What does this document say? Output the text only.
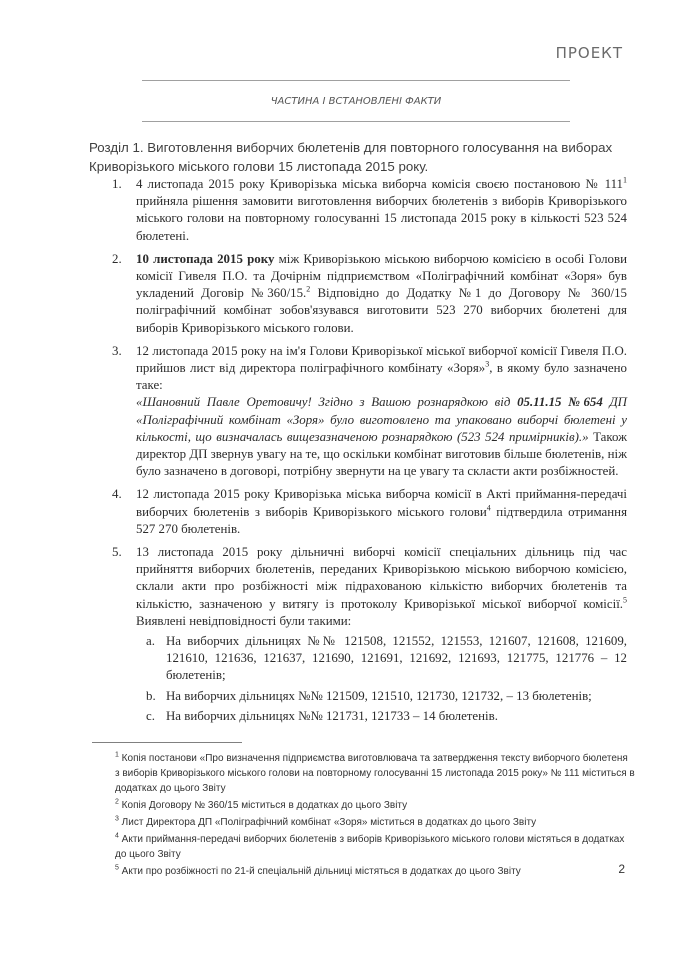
ПРОЕКТ
ЧАСТИНА І ВСТАНОВЛЕНІ ФАКТИ
Розділ 1. Виготовлення виборчих бюлетенів для повторного голосування на виборах Криворізького міського голови 15 листопада 2015 року.
1. 4 листопада 2015 року Криворізька міська виборча комісія своєю постановою № $111^1$ прийняла рішення замовити виготовлення виборчих бюлетенів з виборів Криворізького міського голови на повторному голосуванні 15 листопада 2015 року в кількості 523 524 бюлетені.
2. 10 листопада 2015 року між Криворізькою міською виборчою комісією в особі Голови комісії Гивеля П.О. та Дочірнім підприємством «Поліграфічний комбінат «Зоря» був укладений Договір №360/15.$^2$ Відповідно до Додатку №1 до Договору № 360/15 поліграфічний комбінат зобов'язувався виготовити 523 270 виборчих бюлетені для виборів Криворізького міського голови.
3. 12 листопада 2015 року на ім'я Голови Криворізької міської виборчої комісії Гивеля П.О. прийшов лист від директора поліграфічного комбінату «Зоря»$^3$, в якому було зазначено таке:
«Шановний Павле Оретовичу! Згідно з Вашою рознарядкою від 05.11.15 №654 ДП «Поліграфічний комбінат «Зоря» було виготовлено та упаковано виборчі бюлетені у кількості, що визначалась вищезазначеною рознарядкою (523 524 примірників).» Також директор ДП звернув увагу на те, що оскільки комбінат виготовив більше бюлетенів, ніж було зазначено в договорі, потрібну звернути на це увагу та скласти акти розбіжностей.
4. 12 листопада 2015 року Криворізька міська виборча комісії в Акті приймання-передачі виборчих бюлетенів з виборів Криворізького міського голови$^4$ підтвердила отримання 527 270 бюлетенів.
5. 13 листопада 2015 року дільничні виборчі комісії спеціальних дільниць під час прийняття виборчих бюлетенів, переданих Криворізькою міською виборчою комісією, склали акти про розбіжності між підрахованою кількістю виборчих бюлетенів та кількістю, зазначеною у витягу із протоколу Криворізької міської виборчої комісії.$^5$ Виявлені невідповідності були такими:
a. На виборчих дільницях №№ 121508, 121552, 121553, 121607, 121608, 121609, 121610, 121636, 121637, 121690, 121691, 121692, 121693, 121775, 121776 – 12 бюлетенів;
b. На виборчих дільницях №№ 121509, 121510, 121730, 121732, – 13 бюлетенів;
c. На виборчих дільницях №№ 121731, 121733 – 14 бюлетенів.
$^1$ Копія постанови «Про визначення підприємства виготовлювача та затвердження тексту виборчого бюлетеня з виборів Криворізького міського голови на повторному голосуванні 15 листопада 2015 року» № 111 міститься в додатках до цього Звіту
$^2$ Копія Договору № 360/15 міститься в додатках до цього Звіту
$^3$ Лист Директора ДП «Поліграфічний комбінат «Зоря» міститься в додатках до цього Звіту
$^4$ Акти приймання-передачі виборчих бюлетенів з виборів Криворізького міського голови містяться в додатках до цього Звіту
$^5$ Акти про розбіжності по 21-й спеціальній дільниці містяться в додатках до цього Звіту	2
